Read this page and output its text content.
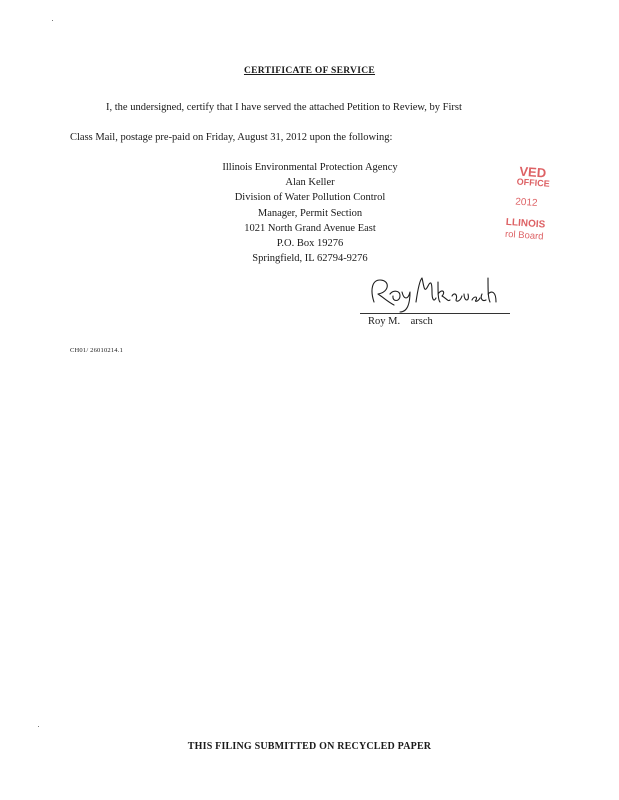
CERTIFICATE OF SERVICE
I, the undersigned, certify that I have served the attached Petition to Review, by First
Class Mail, postage pre-paid on Friday, August 31, 2012 upon the following:
Illinois Environmental Protection Agency
Alan Keller
Division of Water Pollution Control
Manager, Permit Section
1021 North Grand Avenue East
P.O. Box 19276
Springfield, IL 62794-9276
VED
OFFICE
2012
LLINOIS
rol Board
Roy M.    arsch
CH01/ 26010214.1
THIS FILING SUBMITTED ON RECYCLED PAPER
